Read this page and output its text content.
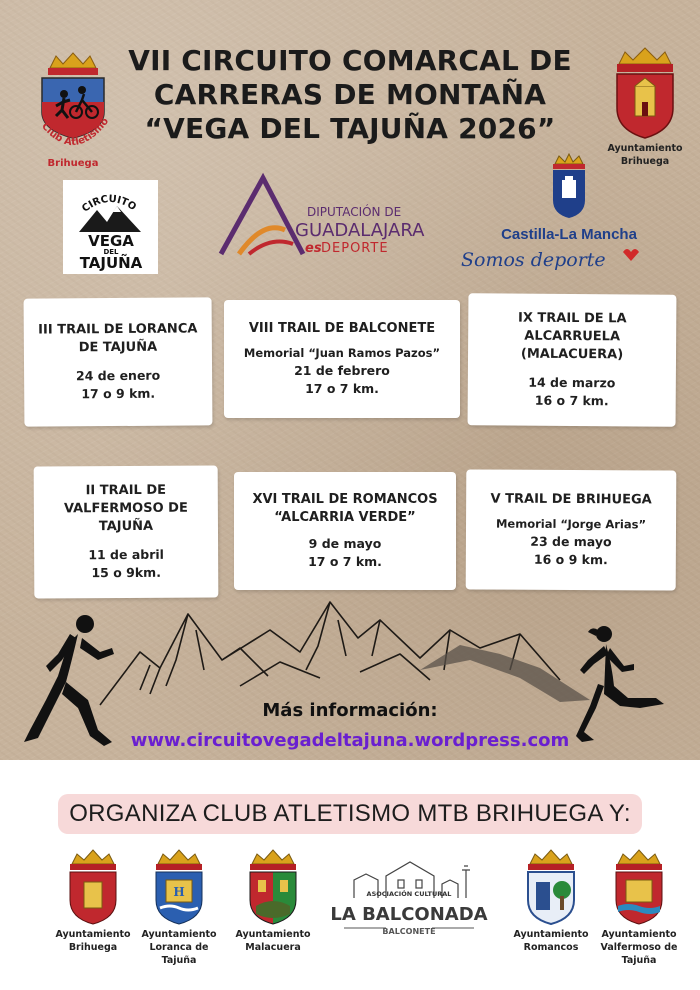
Club Atletismo
Brihuega
VII CIRCUITO COMARCAL DE
CARRERAS DE MONTAÑA
“VEGA DEL TAJUÑA 2026”
Ayuntamiento
Brihuega
CIRCUITO
VEGA
DEL
TAJUÑA
DIPUTACIÓN DE
GUADALAJARA
es DEPORTE
Castilla-La Mancha
Somos deporte
III TRAIL DE LORANCA DE TAJUÑA
24 de enero
17 o 9 km.
VIII TRAIL DE BALCONETE
Memorial “Juan Ramos Pazos”
21 de febrero
17 o 7 km.
IX TRAIL DE LA ALCARRUELA (MALACUERA)
14 de marzo
16 o 7 km.
II TRAIL DE VALFERMOSO DE TAJUÑA
11 de abril
15 o 9km.
XVI TRAIL DE ROMANCOS “ALCARRIA VERDE”
9 de mayo
17 o 7 km.
V TRAIL DE BRIHUEGA
Memorial “Jorge Arias”
23 de mayo
16 o 9 km.
Más información:
www.circuitovegadeltajuna.wordpress.com
ORGANIZA CLUB ATLETISMO MTB BRIHUEGA Y:
Ayuntamiento
Brihuega
H
Ayuntamiento
Loranca de
Tajuña
Ayuntamiento
Malacuera
ASOCIACIÓN CULTURAL
LA BALCONADA
BALCONETE	Ayuntamiento
Romancos
Ayuntamiento
Valfermoso de
Tajuña
